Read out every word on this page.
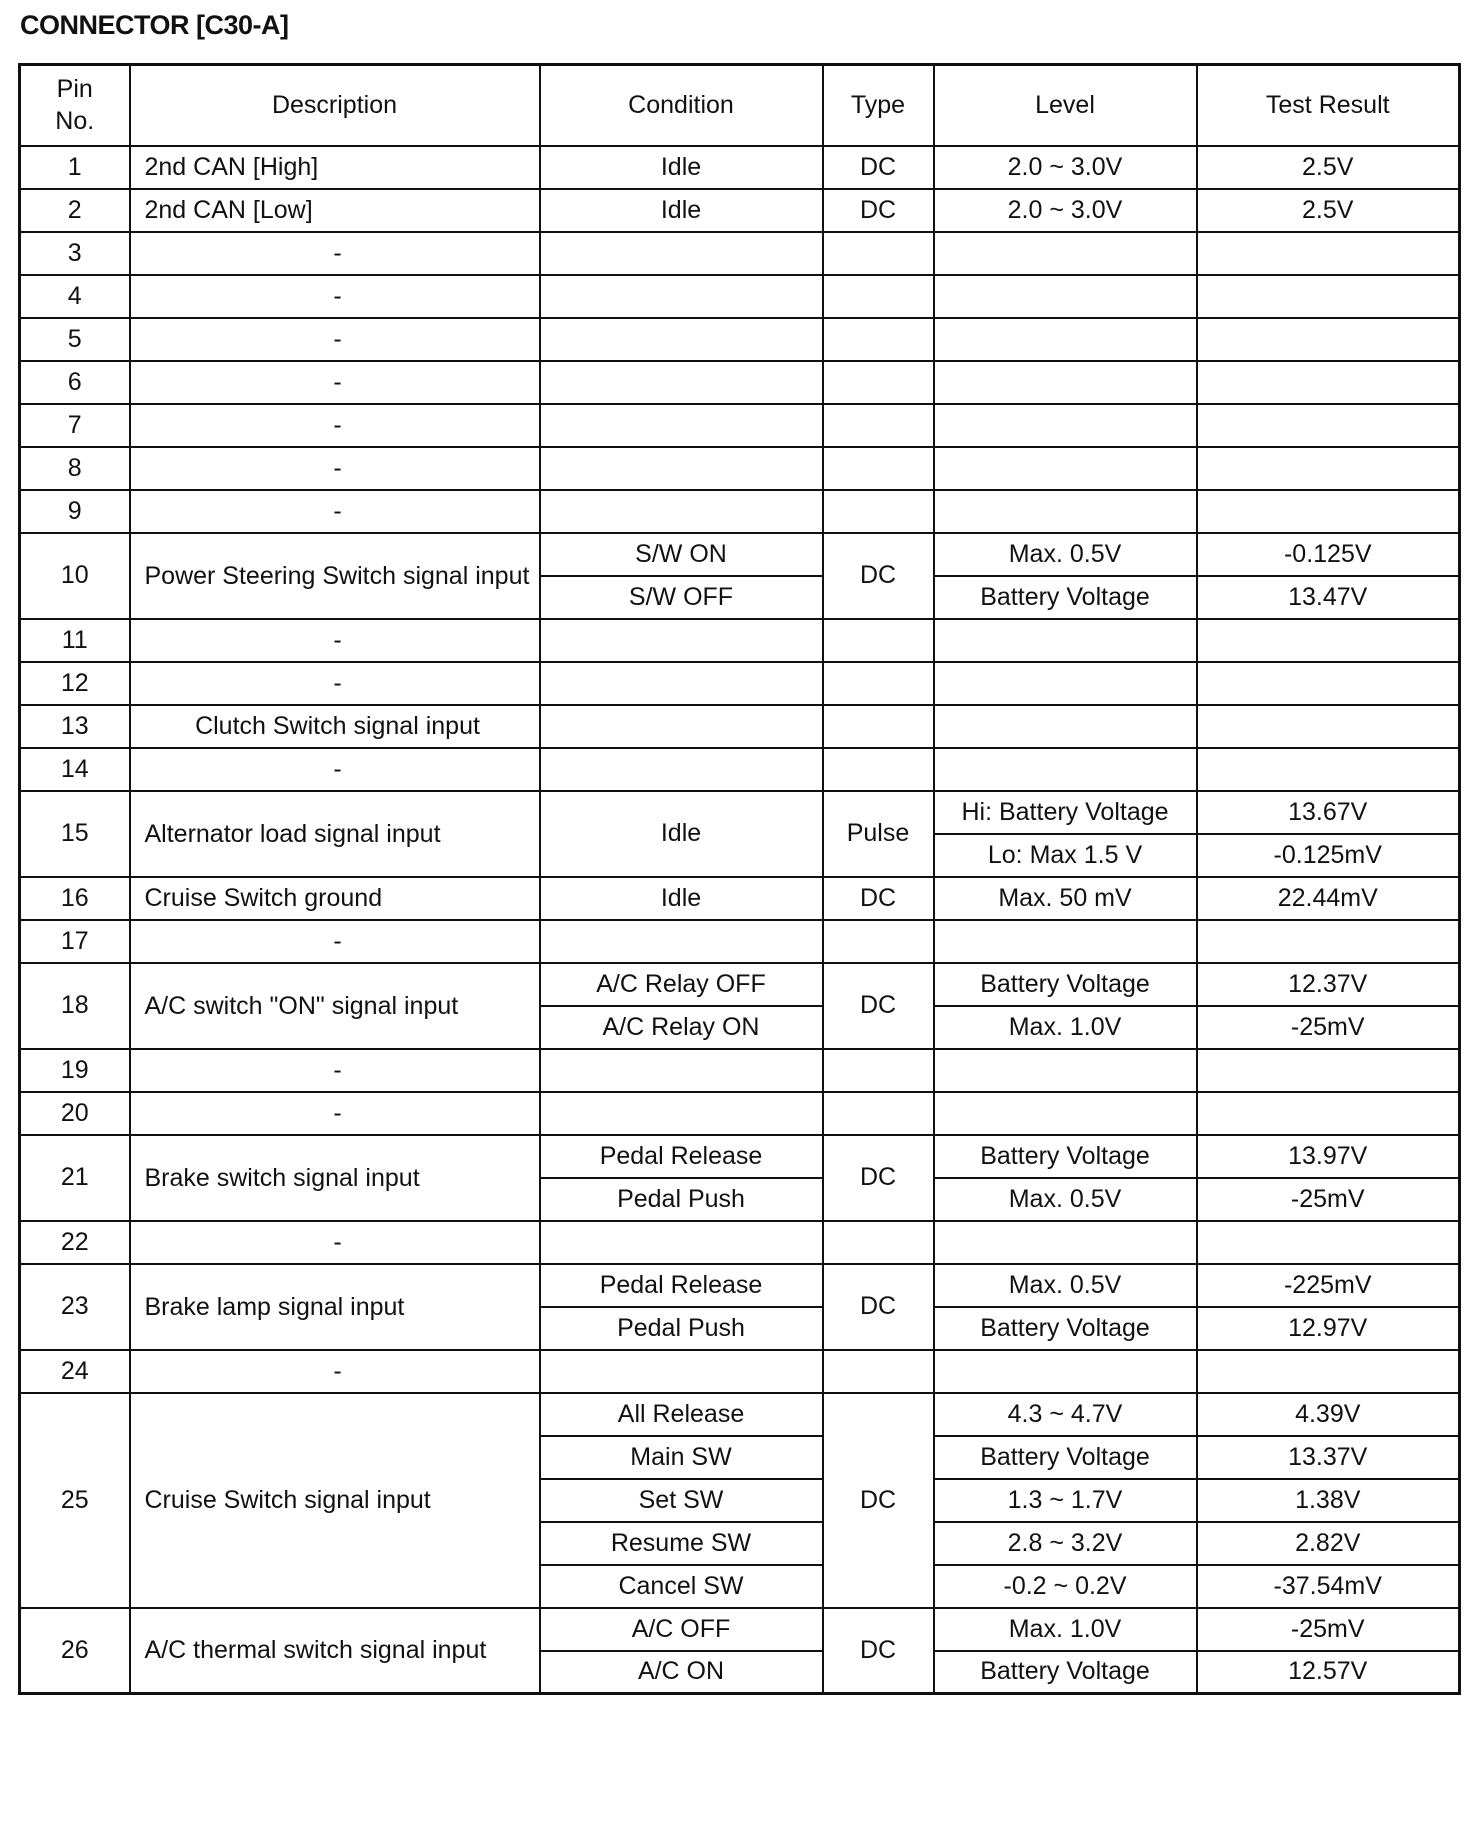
CONNECTOR [C30-A]
Pin
No.	Description	Condition	Type	Level	Test Result
1	2nd CAN [High]	Idle	DC	2.0 ~ 3.0V	2.5V
2	2nd CAN [Low]	Idle	DC	2.0 ~ 3.0V	2.5V
3	-				
4	-				
5	-				
6	-				
7	-				
8	-				
9	-				
10	Power Steering Switch signal input	S/W ON	DC	Max. 0.5V	-0.125V
		S/W OFF		Battery Voltage	13.47V
11	-				
12	-				
13	Clutch Switch signal input				
14	-				
15	Alternator load signal input	Idle	Pulse	Hi: Battery Voltage	13.67V
				Lo: Max 1.5 V	-0.125mV
16	Cruise Switch ground	Idle	DC	Max. 50 mV	22.44mV
17	-				
18	A/C switch "ON" signal input	A/C Relay OFF	DC	Battery Voltage	12.37V
		A/C Relay ON		Max. 1.0V	-25mV
19	-				
20	-				
21	Brake switch signal input	Pedal Release	DC	Battery Voltage	13.97V
		Pedal Push		Max. 0.5V	-25mV
22	-				
23	Brake lamp signal input	Pedal Release	DC	Max. 0.5V	-225mV
		Pedal Push		Battery Voltage	12.97V
24	-				
25	Cruise Switch signal input	All Release	DC	4.3 ~ 4.7V	4.39V
		Main SW		Battery Voltage	13.37V
		Set SW		1.3 ~ 1.7V	1.38V
		Resume SW		2.8 ~ 3.2V	2.82V
		Cancel SW		-0.2 ~ 0.2V	-37.54mV
26	A/C thermal switch signal input	A/C OFF	DC	Max. 1.0V	-25mV
		A/C ON		Battery Voltage	12.57V
